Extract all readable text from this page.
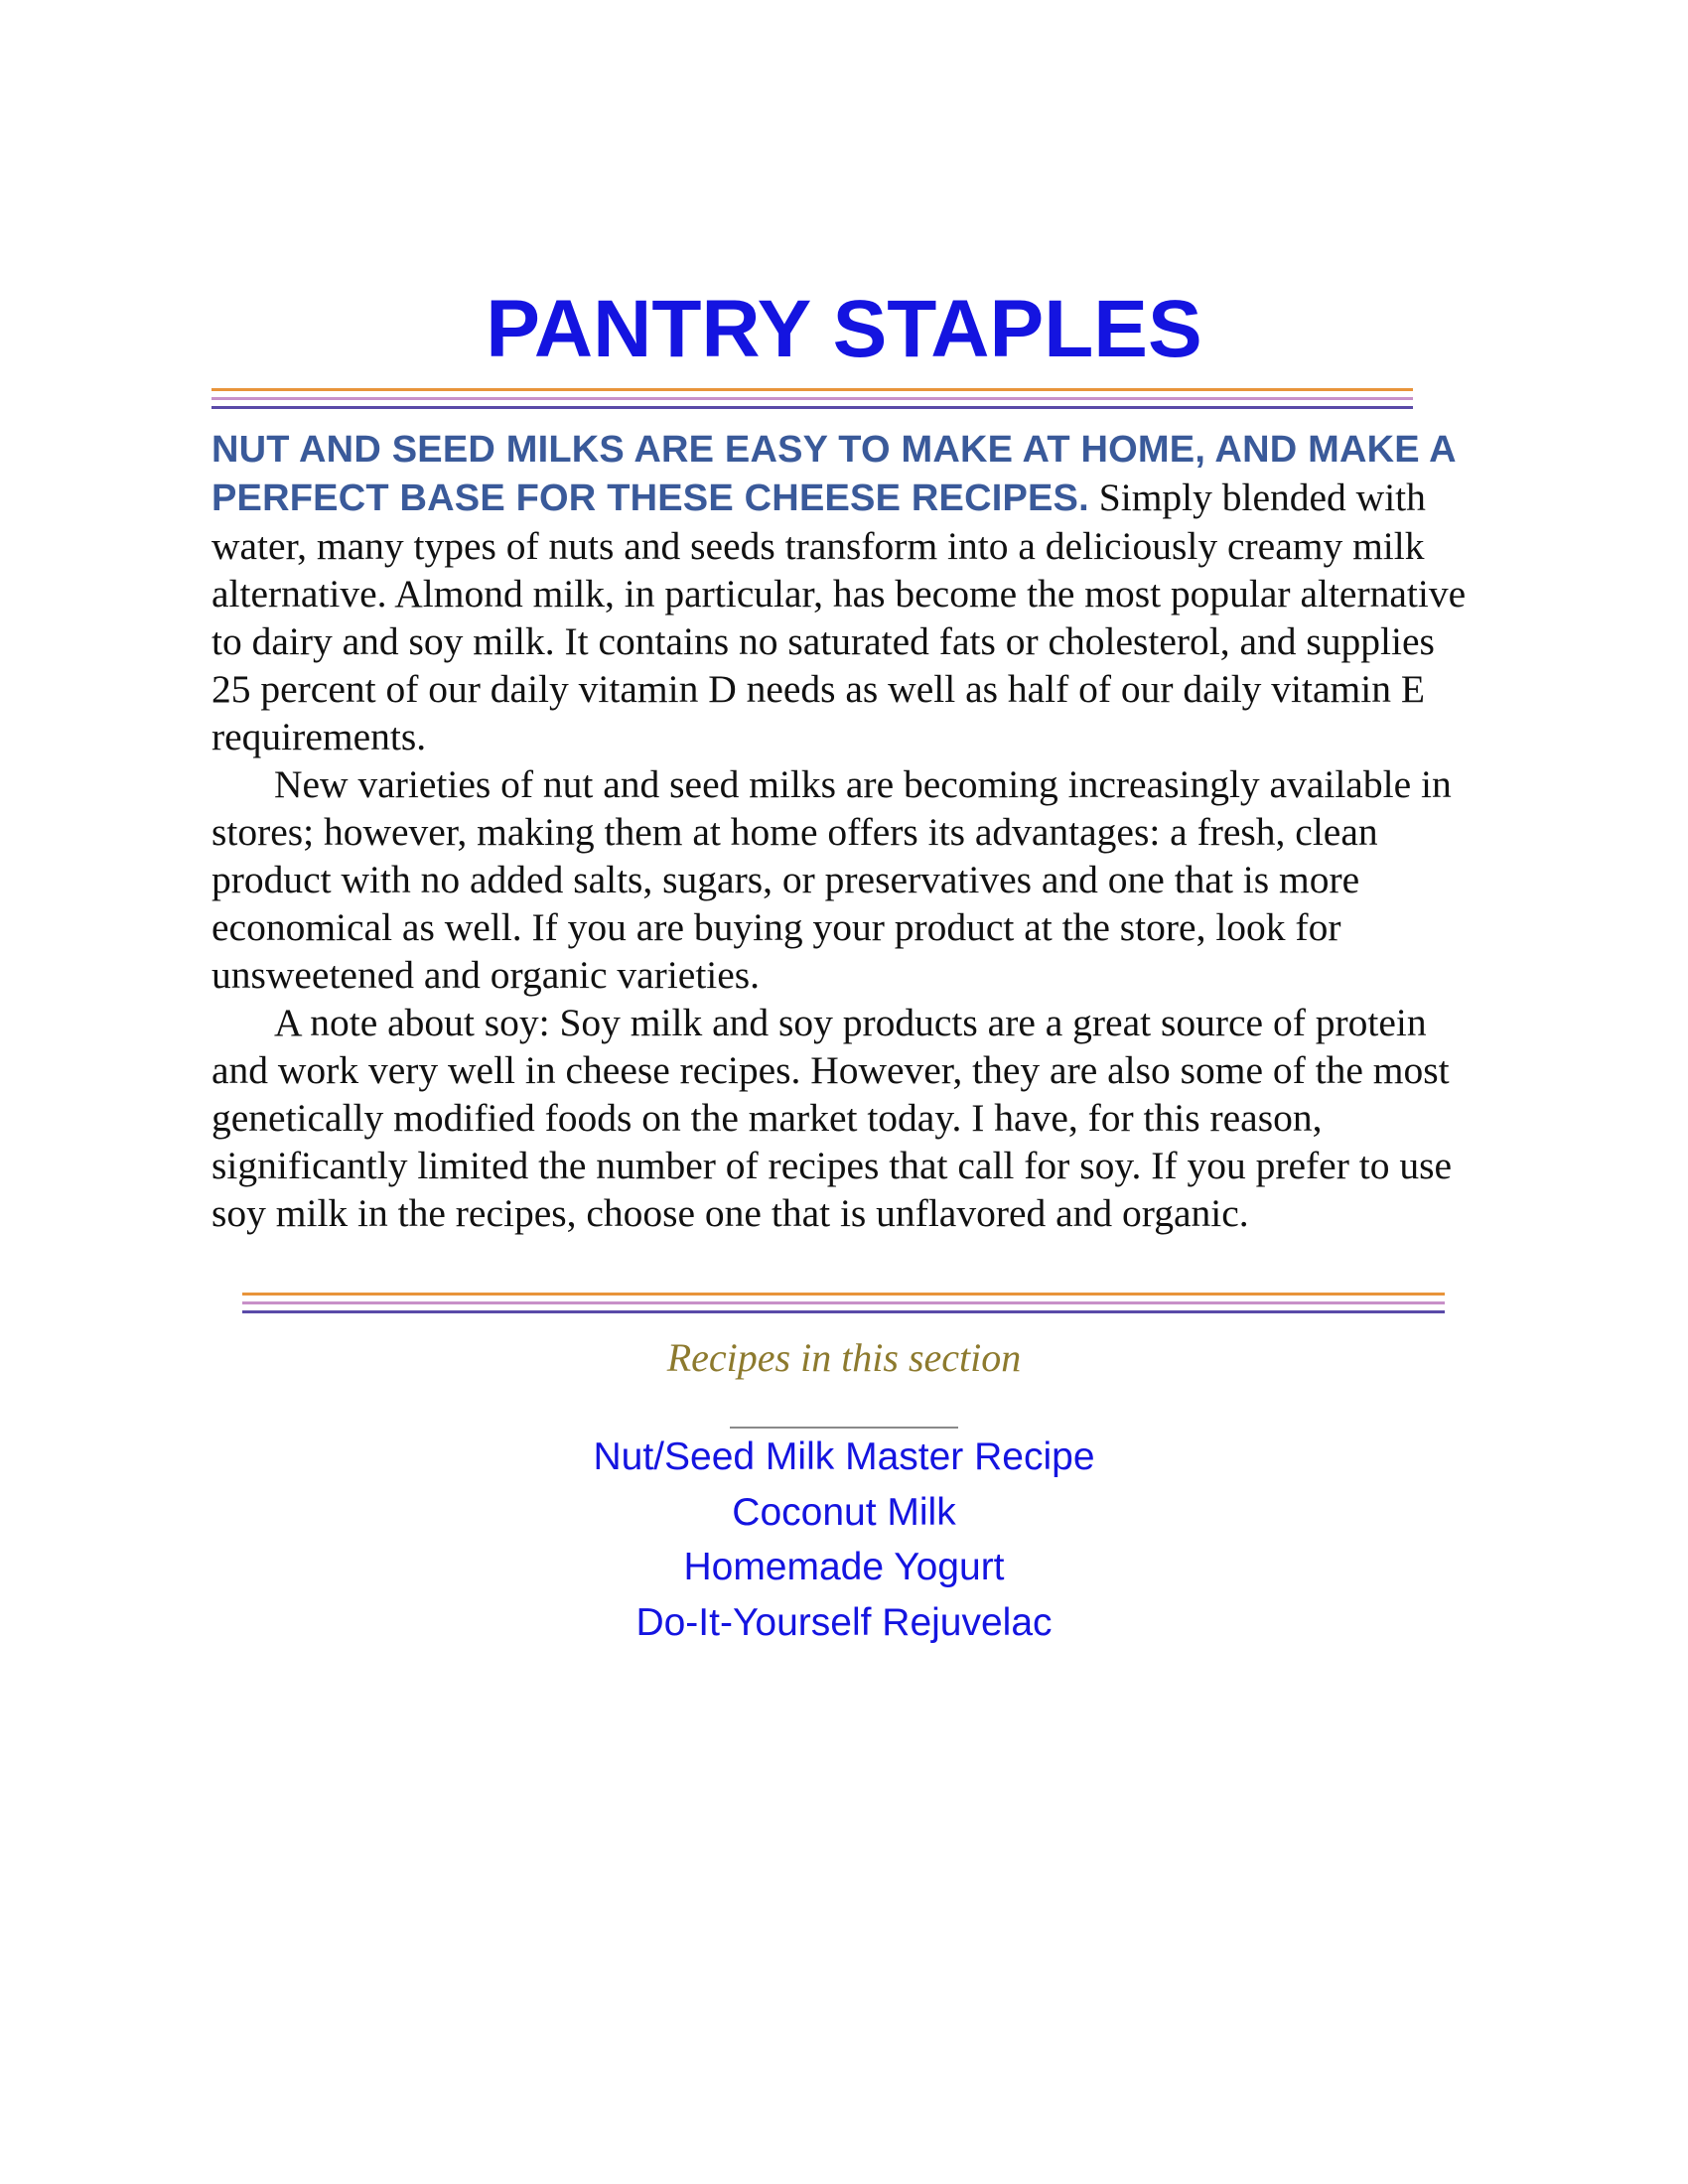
PANTRY STAPLES

NUT AND SEED MILKS ARE EASY TO MAKE AT HOME, AND MAKE A PERFECT BASE FOR THESE CHEESE RECIPES. Simply blended with water, many types of nuts and seeds transform into a deliciously creamy milk alternative. Almond milk, in particular, has become the most popular alternative to dairy and soy milk. It contains no saturated fats or cholesterol, and supplies 25 percent of our daily vitamin D needs as well as half of our daily vitamin E requirements.

New varieties of nut and seed milks are becoming increasingly available in stores; however, making them at home offers its advantages: a fresh, clean product with no added salts, sugars, or preservatives and one that is more economical as well. If you are buying your product at the store, look for unsweetened and organic varieties.

A note about soy: Soy milk and soy products are a great source of protein and work very well in cheese recipes. However, they are also some of the most genetically modified foods on the market today. I have, for this reason, significantly limited the number of recipes that call for soy. If you prefer to use soy milk in the recipes, choose one that is unflavored and organic.

Recipes in this section
Nut/Seed Milk Master Recipe
Coconut Milk
Homemade Yogurt
Do-It-Yourself Rejuvelac
